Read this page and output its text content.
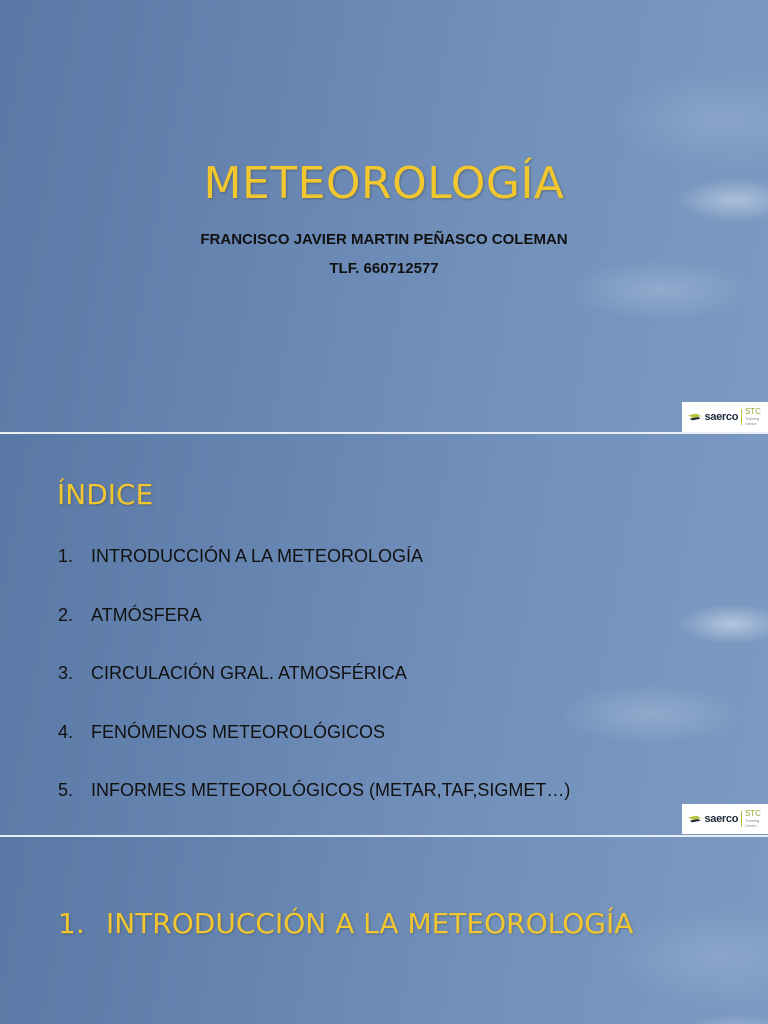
METEOROLOGÍA

FRANCISCO JAVIER MARTIN PEÑASCO COLEMAN

TLF. 660712577

saerco STC
Training Center
ÍNDICE
1. INTRODUCCIÓN A LA METEOROLOGÍA
2. ATMÓSFERA
3. CIRCULACIÓN GRAL. ATMOSFÉRICA
4. FENÓMENOS METEOROLÓGICOS
5. INFORMES METEOROLÓGICOS (METAR,TAF,SIGMET…)
saerco STC
Training Center
1. INTRODUCCIÓN A LA METEOROLOGÍA
